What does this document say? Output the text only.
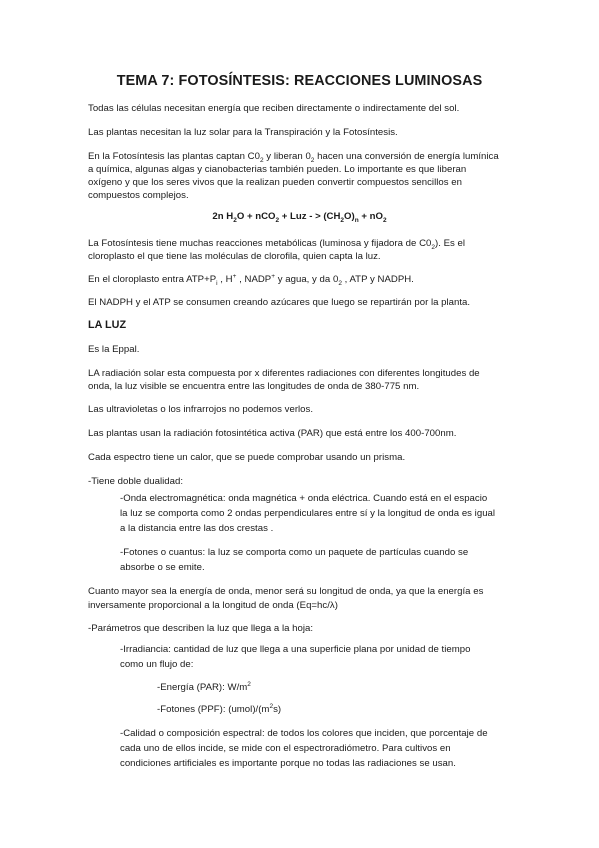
TEMA 7: FOTOSÍNTESIS: REACCIONES LUMINOSAS
Todas las células necesitan energía que reciben directamente o indirectamente del sol.
Las plantas necesitan la luz solar para la Transpiración y la Fotosíntesis.
En la Fotosíntesis las plantas captan $C0_2$ y liberan $0_2$ hacen una conversión de energía lumínica
a química, algunas algas y cianobacterias también pueden. Lo importante es que liberan
oxígeno y que los seres vivos que la realizan pueden convertir compuestos sencillos en
compuestos complejos.
2n $H_2O + nCO_2$ + Luz - > $(CH_2O)_n + nO_2$
La Fotosíntesis tiene muchas reacciones metabólicas (luminosa y fijadora de $C0_2$). Es el
cloroplasto el que tiene las moléculas de clorofila, quien capta la luz.
En el cloroplasto entra $ATP+P_i$ , H+ , NADP+ y agua, y da $0_2$ , ATP y NADPH.
El NADPH y el ATP se consumen creando azúcares que luego se repartirán por la planta.
LA LUZ
Es la Eppal.
LA radiación solar esta compuesta por x diferentes radiaciones con diferentes longitudes de
onda, la luz visible se encuentra entre las longitudes de onda de 380-775 nm.
Las ultravioletas o los infrarrojos no podemos verlos.
Las plantas usan la radiación fotosintética activa (PAR) que está entre los 400-700nm.
Cada espectro tiene un calor, que se puede comprobar usando un prisma.
-Tiene doble dualidad:
-Onda electromagnética: onda magnética + onda eléctrica. Cuando está en el espacio
la luz se comporta como 2 ondas perpendiculares entre sí y la longitud de onda es igual
a la distancia entre las dos crestas .
-Fotones o cuantus: la luz se comporta como un paquete de partículas cuando se
absorbe o se emite.
Cuanto mayor sea la energía de onda, menor será su longitud de onda, ya que la energía es
inversamente proporcional a la longitud de onda (Eq=hc/λ)
-Parámetros que describen la luz que llega a la hoja:
-Irradiancia: cantidad de luz que llega a una superficie plana por unidad de tiempo
como un flujo de:
-Energía (PAR): $W/m^2$
-Fotones (PPF): $(umol)/(m^2s)$
-Calidad o composición espectral: de todos los colores que inciden, que porcentaje de
cada uno de ellos incide, se mide con el espectroradiómetro. Para cultivos en
condiciones artificiales es importante porque no todas las radiaciones se usan.
